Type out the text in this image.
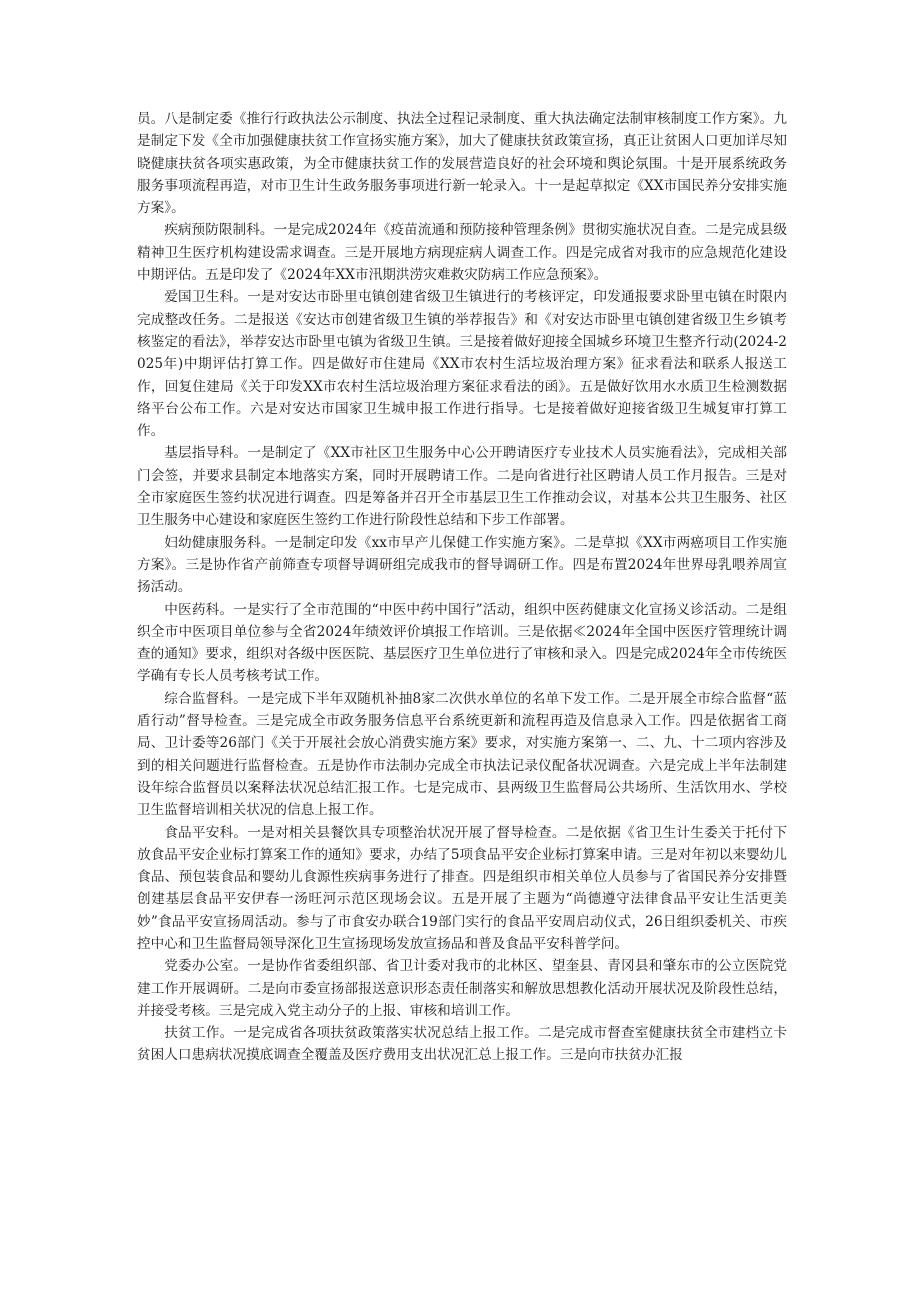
员。八是制定委《推行行政执法公示制度、执法全过程记录制度、重大执法确定法制审核制度工作方案》。九是制定下发《全市加强健康扶贫工作宣扬实施方案》，加大了健康扶贫政策宣扬，真正让贫困人口更加详尽知晓健康扶贫各项实惠政策，为全市健康扶贫工作的发展营造良好的社会环境和舆论氛围。十是开展系统政务服务事项流程再造，对市卫生计生政务服务事项进行新一轮录入。十一是起草拟定《XX市国民养分安排实施方案》。

疾病预防限制科。一是完成2024年《疫苗流通和预防接种管理条例》贯彻实施状况自查。二是完成县级精神卫生医疗机构建设需求调查。三是开展地方病现症病人调查工作。四是完成省对我市的应急规范化建设中期评估。五是印发了《2024年XX市汛期洪涝灾难救灾防病工作应急预案》。

爱国卫生科。一是对安达市卧里屯镇创建省级卫生镇进行的考核评定，印发通报要求卧里屯镇在时限内完成整改任务。二是报送《安达市创建省级卫生镇的举荐报告》和《对安达市卧里屯镇创建省级卫生乡镇考核鉴定的看法》，举荐安达市卧里屯镇为省级卫生镇。三是接着做好迎接全国城乡环境卫生整齐行动(2024-2025年)中期评估打算工作。四是做好市住建局《XX市农村生活垃圾治理方案》征求看法和联系人报送工作，回复住建局《关于印发XX市农村生活垃圾治理方案征求看法的函》。五是做好饮用水水质卫生检测数据络平台公布工作。六是对安达市国家卫生城申报工作进行指导。七是接着做好迎接省级卫生城复审打算工作。

基层指导科。一是制定了《XX市社区卫生服务中心公开聘请医疗专业技术人员实施看法》，完成相关部门会签，并要求县制定本地落实方案，同时开展聘请工作。二是向省进行社区聘请人员工作月报告。三是对全市家庭医生签约状况进行调查。四是筹备并召开全市基层卫生工作推动会议，对基本公共卫生服务、社区卫生服务中心建设和家庭医生签约工作进行阶段性总结和下步工作部署。

妇幼健康服务科。一是制定印发《xx市早产儿保健工作实施方案》。二是草拟《XX市两癌项目工作实施方案》。三是协作省产前筛查专项督导调研组完成我市的督导调研工作。四是布置2024年世界母乳喂养周宣扬活动。

中医药科。一是实行了全市范围的“中医中药中国行”活动，组织中医药健康文化宣扬义诊活动。二是组织全市中医项目单位参与全省2024年绩效评价填报工作培训。三是依据≪2024年全国中医医疗管理统计调查的通知》要求，组织对各级中医医院、基层医疗卫生单位进行了审核和录入。四是完成2024年全市传统医学确有专长人员考核考试工作。

综合监督科。一是完成下半年双随机补抽8家二次供水单位的名单下发工作。二是开展全市综合监督“蓝盾行动”督导检查。三是完成全市政务服务信息平台系统更新和流程再造及信息录入工作。四是依据省工商局、卫计委等26部门《关于开展社会放心消费实施方案》要求，对实施方案第一、二、九、十二项内容涉及到的相关问题进行监督检查。五是协作市法制办完成全市执法记录仪配备状况调查。六是完成上半年法制建设年综合监督员以案释法状况总结汇报工作。七是完成市、县两级卫生监督局公共场所、生活饮用水、学校卫生监督培训相关状况的信息上报工作。

食品平安科。一是对相关县餐饮具专项整治状况开展了督导检查。二是依据《省卫生计生委关于托付下放食品平安企业标打算案工作的通知》要求，办结了5项食品平安企业标打算案申请。三是对年初以来婴幼儿食品、预包装食品和婴幼儿食源性疾病事务进行了排查。四是组织市相关单位人员参与了省国民养分安排暨创建基层食品平安伊春一汤旺河示范区现场会议。五是开展了主题为“尚德遵守法律食品平安让生活更美妙”食品平安宣扬周活动。参与了市食安办联合19部门实行的食品平安周启动仪式，26日组织委机关、市疾控中心和卫生监督局领导深化卫生宣扬现场发放宣扬品和普及食品平安科普学问。

党委办公室。一是协作省委组织部、省卫计委对我市的北林区、望奎县、青冈县和肇东市的公立医院党建工作开展调研。二是向市委宣扬部报送意识形态责任制落实和解放思想教化活动开展状况及阶段性总结，并接受考核。三是完成入党主动分子的上报、审核和培训工作。

扶贫工作。一是完成省各项扶贫政策落实状况总结上报工作。二是完成市督查室健康扶贫全市建档立卡贫困人口患病状况摸底调查全覆盖及医疗费用支出状况汇总上报工作。三是向市扶贫办汇报
